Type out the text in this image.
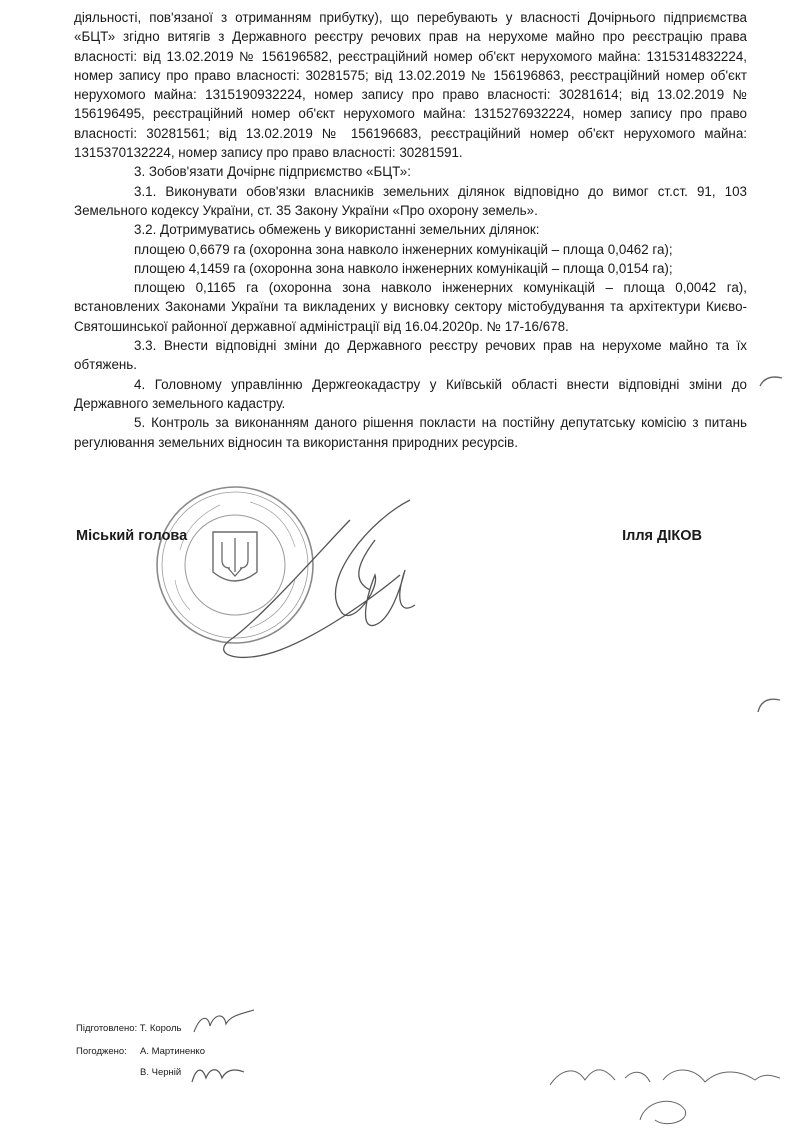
діяльності, пов'язаної з отриманням прибутку), що перебувають у власності Дочірнього підприємства «БЦТ» згідно витягів з Державного реєстру речових прав на нерухоме майно про реєстрацію права власності: від 13.02.2019 № 156196582, реєстраційний номер об'єкт нерухомого майна: 1315314832224, номер запису про право власності: 30281575; від 13.02.2019 № 156196863, реєстраційний номер об'єкт нерухомого майна: 1315190932224, номер запису про право власності: 30281614; від 13.02.2019 № 156196495, реєстраційний номер об'єкт нерухомого майна: 1315276932224, номер запису про право власності: 30281561; від 13.02.2019 № 156196683, реєстраційний номер об'єкт нерухомого майна: 1315370132224, номер запису про право власності: 30281591.

3. Зобов'язати Дочірнє підприємство «БЦТ»:

3.1. Виконувати обов'язки власників земельних ділянок відповідно до вимог ст.ст. 91, 103 Земельного кодексу України, ст. 35 Закону України «Про охорону земель».

3.2. Дотримуватись обмежень у використанні земельних ділянок:

площею 0,6679 га (охоронна зона навколо інженерних комунікацій – площа 0,0462 га);

площею 4,1459 га (охоронна зона навколо інженерних комунікацій – площа 0,0154 га);

площею 0,1165 га (охоронна зона навколо інженерних комунікацій – площа 0,0042 га), встановлених Законами України та викладених у висновку сектору містобудування та архітектури Києво-Святошинської районної державної адміністрації від 16.04.2020р. № 17-16/678.

3.3. Внести відповідні зміни до Державного реєстру речових прав на нерухоме майно та їх обтяжень.

4. Головному управлінню Держгеокадастру у Київській області внести відповідні зміни до Державного земельного кадастру.

5. Контроль за виконанням даного рішення покласти на постійну депутатську комісію з питань регулювання земельних відносин та використання природних ресурсів.

Міський голова	Ілля ДІКОВ
Підготовлено: Т. Король
Погоджено: А. Мартиненко
В. Черній
